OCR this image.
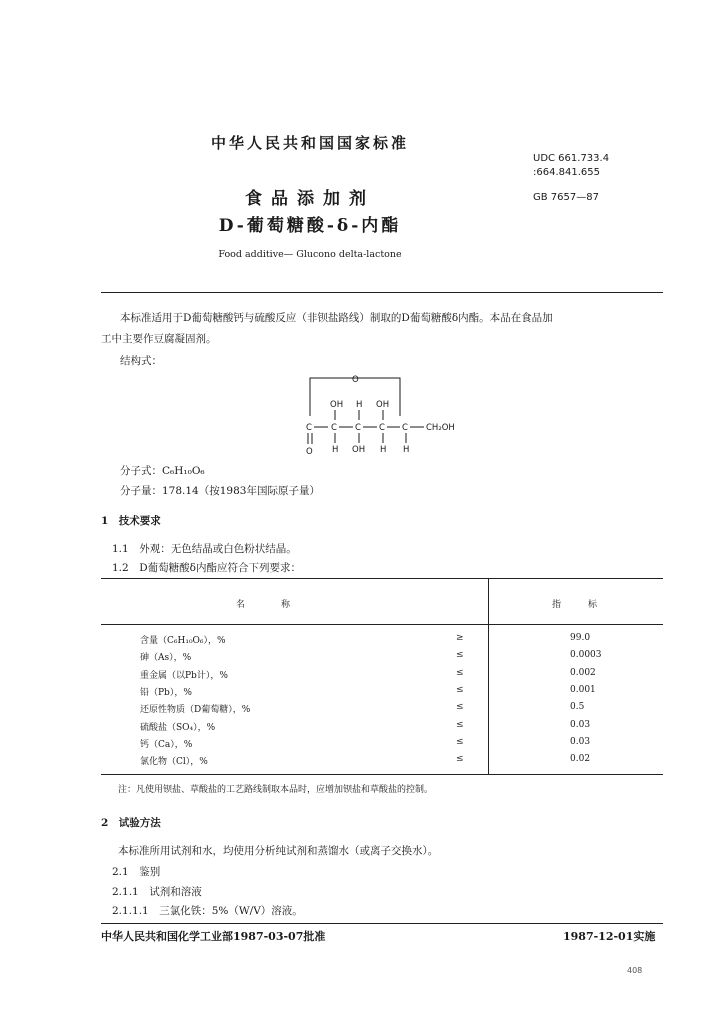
中华人民共和国国家标准
UDC 661.733.4
:664.841.655
食品添加剂	GB 7657—87
D-葡萄糖酸-δ-内酯
Food additive— Glucono delta-lactone
本标准适用于D葡萄糖酸钙与硫酸反应（非钡盐路线）制取的D葡萄糖酸δ内酯。本品在食品加
工中主要作豆腐凝固剂。
结构式：
O
OH H OH
C C C C C CH₂OH
O H OH H H
分子式：C₆H₁₀O₆
分子量：178.14（按1983年国际原子量）
1　技术要求
1.1　外观：无色结晶或白色粉状结晶。
1.2　D葡萄糖酸δ内酯应符合下列要求：
名　　　　称	指　　　标
含量（C₆H₁₀O₆），%	≥	99.0
砷（As），%	≤	0.0003
重金属（以Pb计），%	≤	0.002
铅（Pb），%	≤	0.001
还原性物质（D葡萄糖），%	≤	0.5
硫酸盐（SO₄），%	≤	0.03
钙（Ca），%	≤	0.03
氯化物（Cl），%	≤	0.02
注：凡使用钡盐、草酸盐的工艺路线制取本品时，应增加钡盐和草酸盐的控制。
2　试验方法
本标准所用试剂和水，均使用分析纯试剂和蒸馏水（或离子交换水）。
2.1　鉴别
2.1.1　试剂和溶液
2.1.1.1　三氯化铁：5%（W/V）溶液。
中华人民共和国化学工业部1987-03-07批准	1987-12-01实施
408
